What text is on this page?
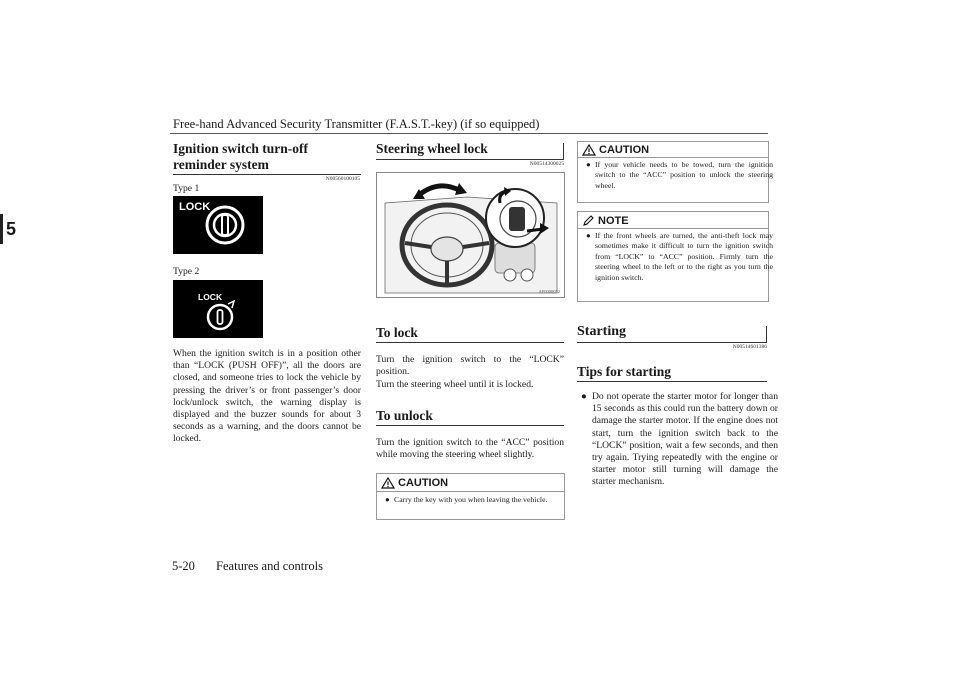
Free-hand Advanced Security Transmitter (F.A.S.T.-key) (if so equipped)
5
Ignition switch turn-off reminder system
N00560100105
Type 1
LOCK
Type 2
LOCK
When the ignition switch is in a position other than “LOCK (PUSH OFF)”, all the doors are closed, and someone tries to lock the vehicle by pressing the driver’s or front passenger’s door lock/unlock switch, the warning display is displayed and the buzzer sounds for about 3 seconds as a warning, and the doors cannot be locked.
Steering wheel lock
N00514300025
AF0000052
To lock
Turn the ignition switch to the “LOCK” position.
Turn the steering wheel until it is locked.
To unlock
Turn the ignition switch to the “ACC” position while moving the steering wheel slightly.
CAUTION
● Carry the key with you when leaving the vehicle.
CAUTION
● If your vehicle needs to be towed, turn the ignition switch to the “ACC” position to unlock the steering wheel.
NOTE
● If the front wheels are turned, the anti-theft lock may sometimes make it difficult to turn the ignition switch from “LOCK” to “ACC” position. Firmly turn the steering wheel to the left or to the right as you turn the ignition switch.
Starting
N00514601386
Tips for starting
● Do not operate the starter motor for longer than 15 seconds as this could run the battery down or damage the starter motor. If the engine does not start, turn the ignition switch back to the “LOCK” position, wait a few seconds, and then try again. Trying repeatedly with the engine or starter motor still turning will damage the starter mechanism.
5-20 Features and controls
